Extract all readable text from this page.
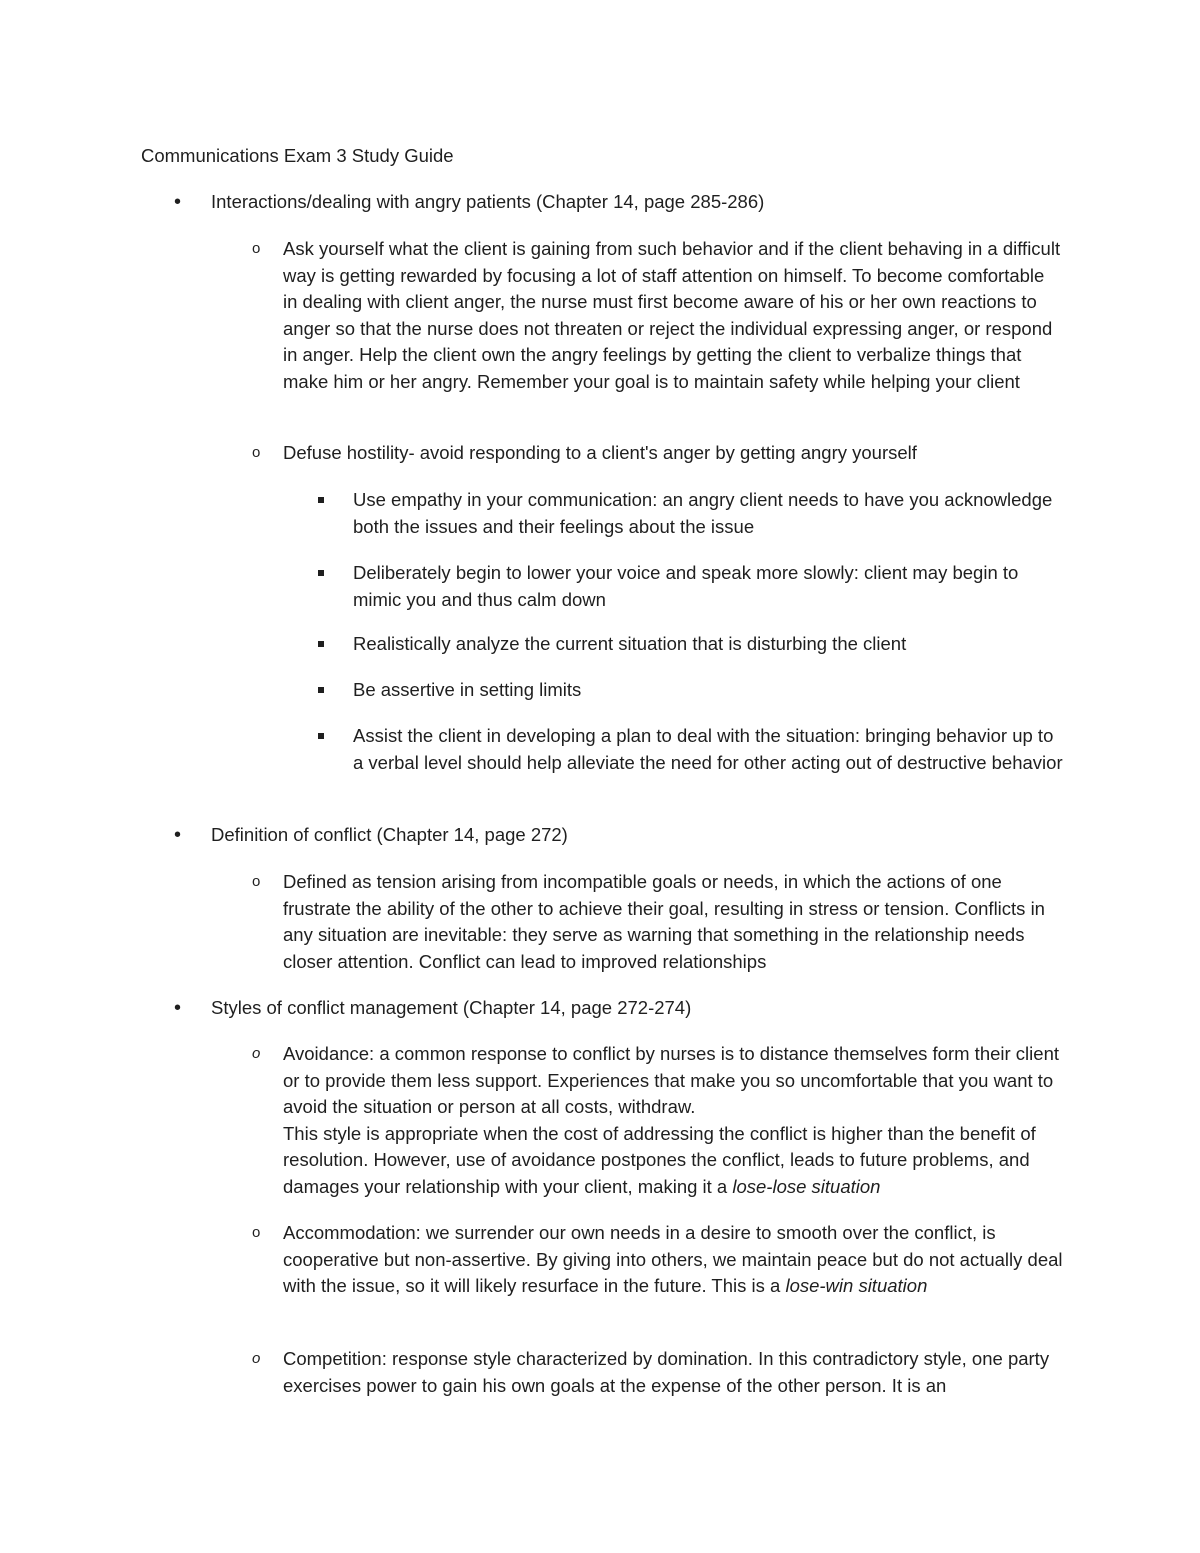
Communications Exam 3 Study Guide
• Interactions/dealing with angry patients (Chapter 14, page 285-286)
o Ask yourself what the client is gaining from such behavior and if the client behaving in a difficult way is getting rewarded by focusing a lot of staff attention on himself. To become comfortable in dealing with client anger, the nurse must first become aware of his or her own reactions to anger so that the nurse does not threaten or reject the individual expressing anger, or respond in anger. Help the client own the angry feelings by getting the client to verbalize things that make him or her angry. Remember your goal is to maintain safety while helping your client
o Defuse hostility- avoid responding to a client's anger by getting angry yourself
Use empathy in your communication: an angry client needs to have you acknowledge both the issues and their feelings about the issue
Deliberately begin to lower your voice and speak more slowly: client may begin to mimic you and thus calm down
Realistically analyze the current situation that is disturbing the client
Be assertive in setting limits
Assist the client in developing a plan to deal with the situation: bringing behavior up to a verbal level should help alleviate the need for other acting out of destructive behavior
• Definition of conflict (Chapter 14, page 272)
o Defined as tension arising from incompatible goals or needs, in which the actions of one frustrate the ability of the other to achieve their goal, resulting in stress or tension. Conflicts in any situation are inevitable: they serve as warning that something in the relationship needs closer attention. Conflict can lead to improved relationships
• Styles of conflict management (Chapter 14, page 272-274)
o Avoidance: a common response to conflict by nurses is to distance themselves form their client or to provide them less support. Experiences that make you so uncomfortable that you want to avoid the situation or person at all costs, withdraw.
This style is appropriate when the cost of addressing the conflict is higher than the benefit of resolution. However, use of avoidance postpones the conflict, leads to future problems, and damages your relationship with your client, making it a lose-lose situation
o Accommodation: we surrender our own needs in a desire to smooth over the conflict, is cooperative but non-assertive. By giving into others, we maintain peace but do not actually deal with the issue, so it will likely resurface in the future. This is a lose-win situation
o Competition: response style characterized by domination. In this contradictory style, one party exercises power to gain his own goals at the expense of the other person. It is an
